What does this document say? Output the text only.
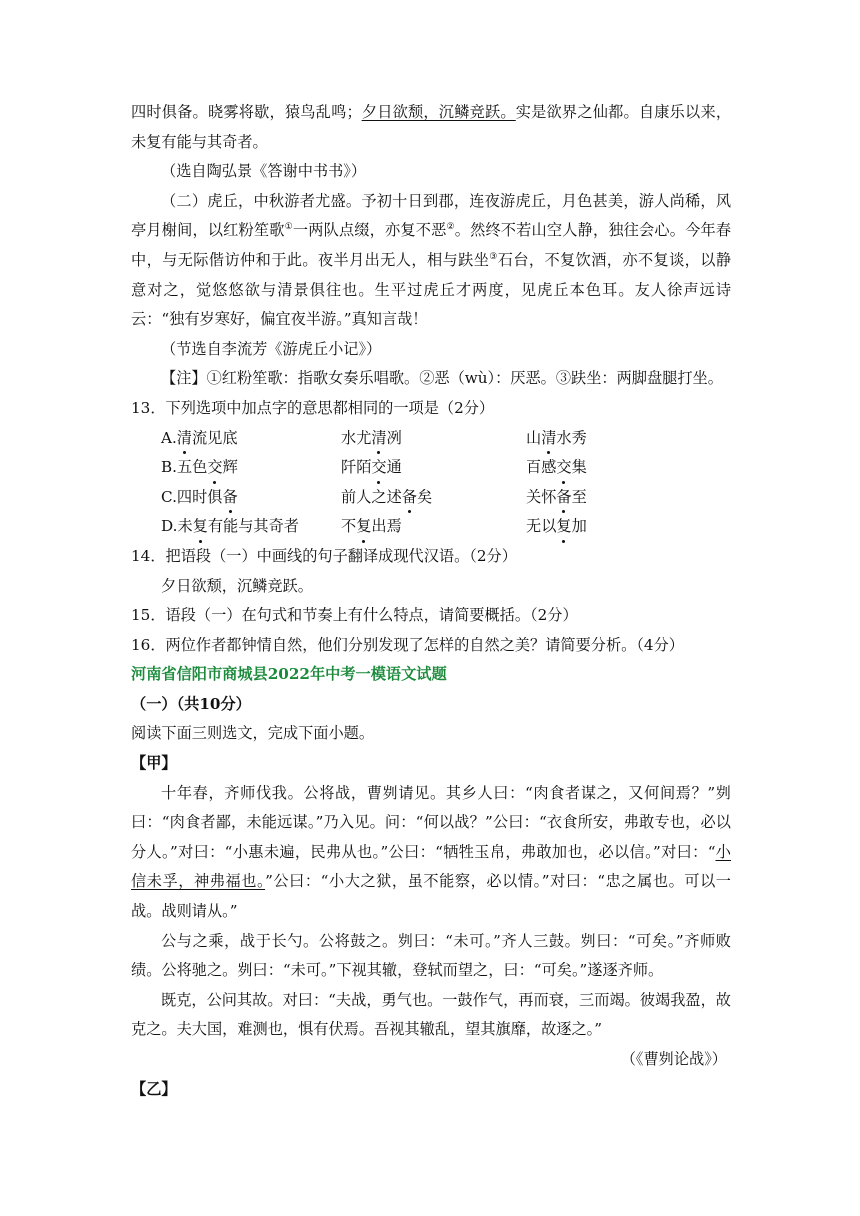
四时俱备。晓雾将歇，猿鸟乱鸣；夕日欲颓，沉鳞竞跃。实是欲界之仙都。自康乐以来，未复有能与其奇者。

（选自陶弘景《答谢中书书》）

（二）虎丘，中秋游者尤盛。予初十日到郡，连夜游虎丘，月色甚美，游人尚稀，风亭月榭间，以红粉笙歌①一两队点缀，亦复不恶②。然终不若山空人静，独往会心。今年春中，与无际偕访仲和于此。夜半月出无人，相与趺坐③石台，不复饮酒，亦不复谈，以静意对之，觉悠悠欲与清景俱往也。生平过虎丘才两度，见虎丘本色耳。友人徐声远诗云：“独有岁寒好，偏宜夜半游。”真知言哉！

（节选自李流芳《游虎丘小记》）

【注】①红粉笙歌：指歌女奏乐唱歌。②恶（wù）：厌恶。③趺坐：两脚盘腿打坐。

13．下列选项中加点字的意思都相同的一项是（2分）

A.清流见底	水尤清冽	山清水秀
B.五色交辉	阡陌交通	百感交集
C.四时俱备	前人之述备矣	关怀备至
D.未复有能与其奇者	不复出焉	无以复加

14．把语段（一）中画线的句子翻译成现代汉语。（2分）

夕日欲颓，沉鳞竞跃。

15．语段（一）在句式和节奏上有什么特点，请简要概括。（2分）

16．两位作者都钟情自然，他们分别发现了怎样的自然之美？请简要分析。（4分）

河南省信阳市商城县2022年中考一模语文试题

（一）（共10分）

阅读下面三则选文，完成下面小题。

【甲】

十年春，齐师伐我。公将战，曹刿请见。其乡人曰：“肉食者谋之，又何间焉？”刿曰：“肉食者鄙，未能远谋。”乃入见。问：“何以战？”公曰：“衣食所安，弗敢专也，必以分人。”对曰：“小惠未遍，民弗从也。”公曰：“牺牲玉帛，弗敢加也，必以信。”对曰：“小信未孚，神弗福也。”公曰：“小大之狱，虽不能察，必以情。”对曰：“忠之属也。可以一战。战则请从。”

公与之乘，战于长勺。公将鼓之。刿曰：“未可。”齐人三鼓。刿曰：“可矣。”齐师败绩。公将驰之。刿曰：“未可。”下视其辙，登轼而望之，曰：“可矣。”遂逐齐师。

既克，公问其故。对曰：“夫战，勇气也。一鼓作气，再而衰，三而竭。彼竭我盈，故克之。夫大国，难测也，惧有伏焉。吾视其辙乱，望其旗靡，故逐之。”

（《曹刿论战》）

【乙】
